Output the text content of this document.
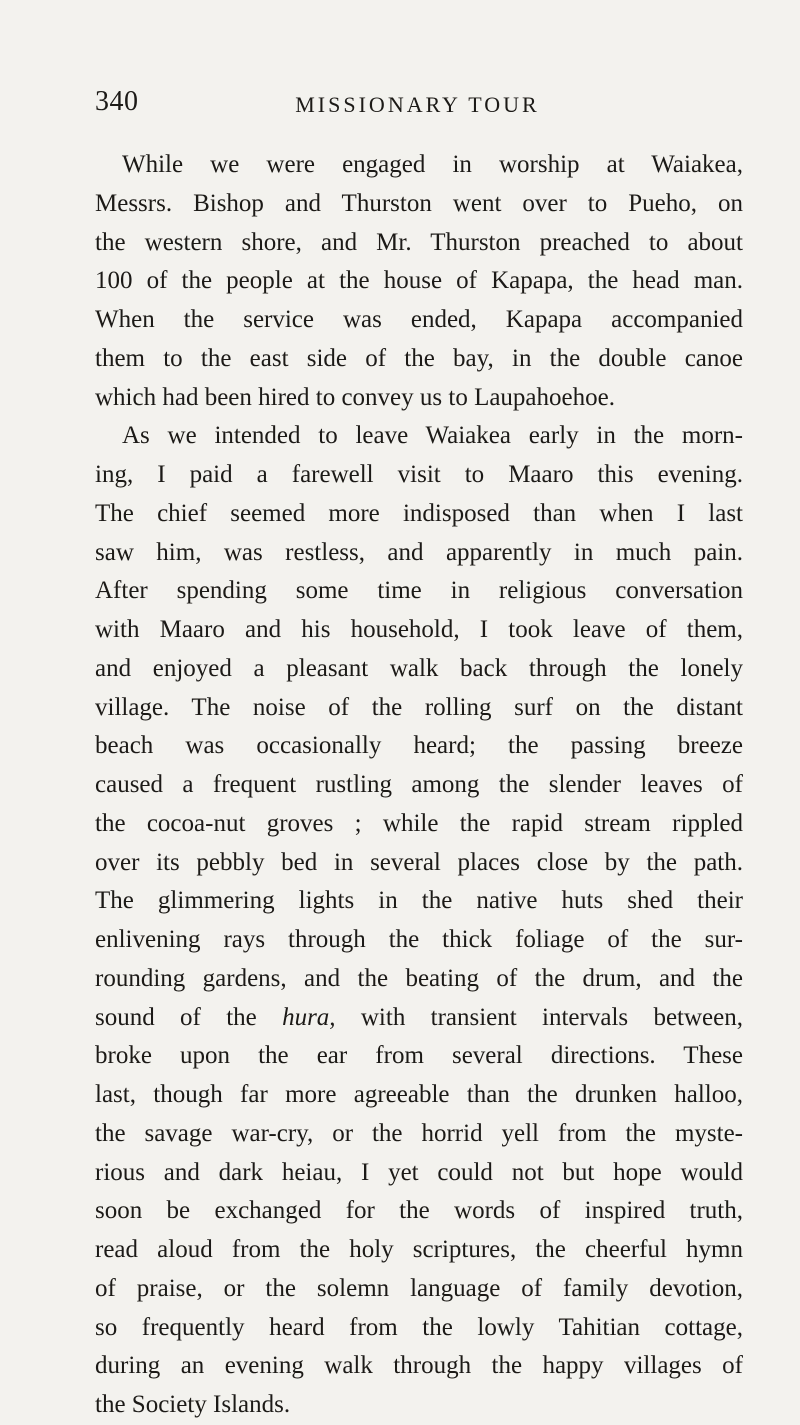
340	MISSIONARY TOUR
While we were engaged in worship at Waiakea,
Messrs. Bishop and Thurston went over to Pueho, on
the western shore, and Mr. Thurston preached to about
100 of the people at the house of Kapapa, the head man.
When the service was ended, Kapapa accompanied
them to the east side of the bay, in the double canoe
which had been hired to convey us to Laupahoehoe.
As we intended to leave Waiakea early in the morn-
ing, I paid a farewell visit to Maaro this evening.
The chief seemed more indisposed than when I last
saw him, was restless, and apparently in much pain.
After spending some time in religious conversation
with Maaro and his household, I took leave of them,
and enjoyed a pleasant walk back through the lonely
village. The noise of the rolling surf on the distant
beach was occasionally heard; the passing breeze
caused a frequent rustling among the slender leaves of
the cocoa-nut groves ; while the rapid stream rippled
over its pebbly bed in several places close by the path.
The glimmering lights in the native huts shed their
enlivening rays through the thick foliage of the sur-
rounding gardens, and the beating of the drum, and the
sound of the hura, with transient intervals between,
broke upon the ear from several directions. These
last, though far more agreeable than the drunken halloo,
the savage war-cry, or the horrid yell from the myste-
rious and dark heiau, I yet could not but hope would
soon be exchanged for the words of inspired truth,
read aloud from the holy scriptures, the cheerful hymn
of praise, or the solemn language of family devotion,
so frequently heard from the lowly Tahitian cottage,
during an evening walk through the happy villages of
the Society Islands.
